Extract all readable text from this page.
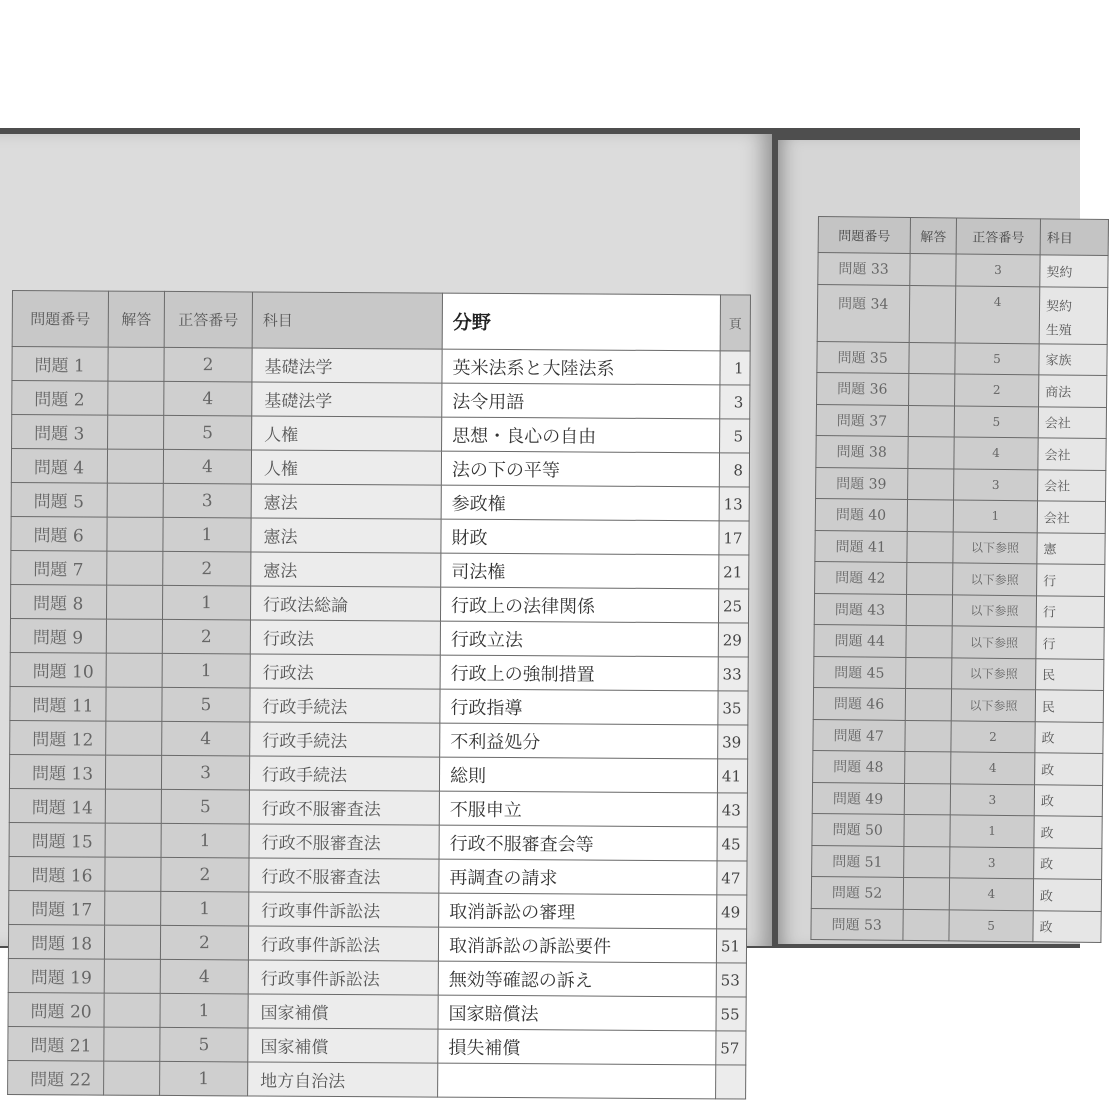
問題番号	解答	正答番号	科目	分野	頁
問題 1		2	基礎法学	英米法系と大陸法系	1
問題 2		4	基礎法学	法令用語	3
問題 3		5	人権	思想・良心の自由	5
問題 4		4	人権	法の下の平等	8
問題 5		3	憲法	参政権	13
問題 6		1	憲法	財政	17
問題 7		2	憲法	司法権	21
問題 8		1	行政法総論	行政上の法律関係	25
問題 9		2	行政法	行政立法	29
問題 10		1	行政法	行政上の強制措置	33
問題 11		5	行政手続法	行政指導	35
問題 12		4	行政手続法	不利益処分	39
問題 13		3	行政手続法	総則	41
問題 14		5	行政不服審査法	不服申立	43
問題 15		1	行政不服審査法	行政不服審査会等	45
問題 16		2	行政不服審査法	再調査の請求	47
問題 17		1	行政事件訴訟法	取消訴訟の審理	49
問題 18		2	行政事件訴訟法	取消訴訟の訴訟要件	51
問題 19		4	行政事件訴訟法	無効等確認の訴え	53
問題 20		1	国家補償	国家賠償法	55
問題 21		5	国家補償	損失補償	57
問題 22		1	地方自治法		
問題番号	解答	正答番号	科目
問題 33		3	契約
問題 34		4	契約
生殖

問題 35		5	家族
問題 36		2	商法
問題 37		5	会社
問題 38		4	会社
問題 39		3	会社
問題 40		1	会社
問題 41		以下参照	憲
問題 42		以下参照	行
問題 43		以下参照	行
問題 44		以下参照	行
問題 45		以下参照	民
問題 46		以下参照	民
問題 47		2	政
問題 48		4	政
問題 49		3	政
問題 50		1	政
問題 51		3	政
問題 52		4	政
問題 53		5	政
